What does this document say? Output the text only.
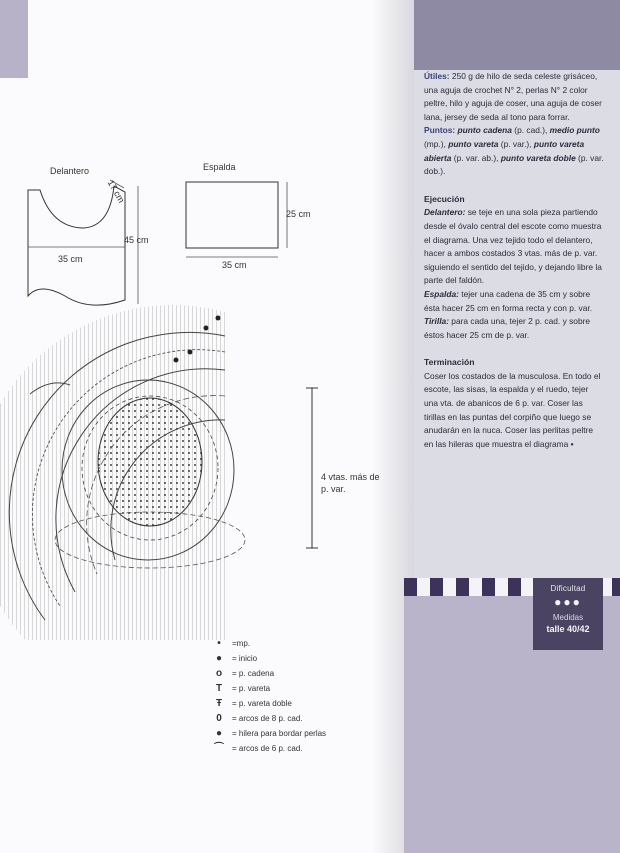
Delantero
17 cm
35 cm
45 cm
Espalda
35 cm
25 cm
4 vtas. más de p. var.
•	=mp.
●	= inicio
o	= p. cadena
T	= p. vareta
Ŧ	= p. vareta doble
0	= arcos de 8 p. cad.
●	= hilera para bordar perlas
⌒	= arcos de 6 p. cad.

Útiles: 250 g de hilo de seda celeste grisáceo, una aguja de crochet N° 2, perlas N° 2 color peltre, hilo y aguja de coser, una aguja de coser lana, jersey de seda al tono para forrar.

Puntos: punto cadena (p. cad.), medio punto (mp.), punto vareta (p. var.), punto vareta abierta (p. var. ab.), punto vareta doble (p. var. dob.).

Ejecución

Delantero: se teje en una sola pieza partiendo desde el óvalo central del escote como muestra el diagrama. Una vez tejido todo el delantero, hacer a ambos costados 3 vtas. más de p. var. siguiendo el sentido del tejido, y dejando libre la parte del faldón.

Espalda: tejer una cadena de 35 cm y sobre ésta hacer 25 cm en forma recta y con p. var.

Tirilla: para cada una, tejer 2 p. cad. y sobre éstos hacer 25 cm de p. var.

Terminación

Coser los costados de la musculosa. En todo el escote, las sisas, la espalda y el ruedo, tejer una vta. de abanicos de 6 p. var. Coser las tirillas en las puntas del corpiño que luego se anudarán en la nuca. Coser las perlitas peltre en las hileras que muestra el diagrama •

Dificultad
●●●
Medidas
talle 40/42
